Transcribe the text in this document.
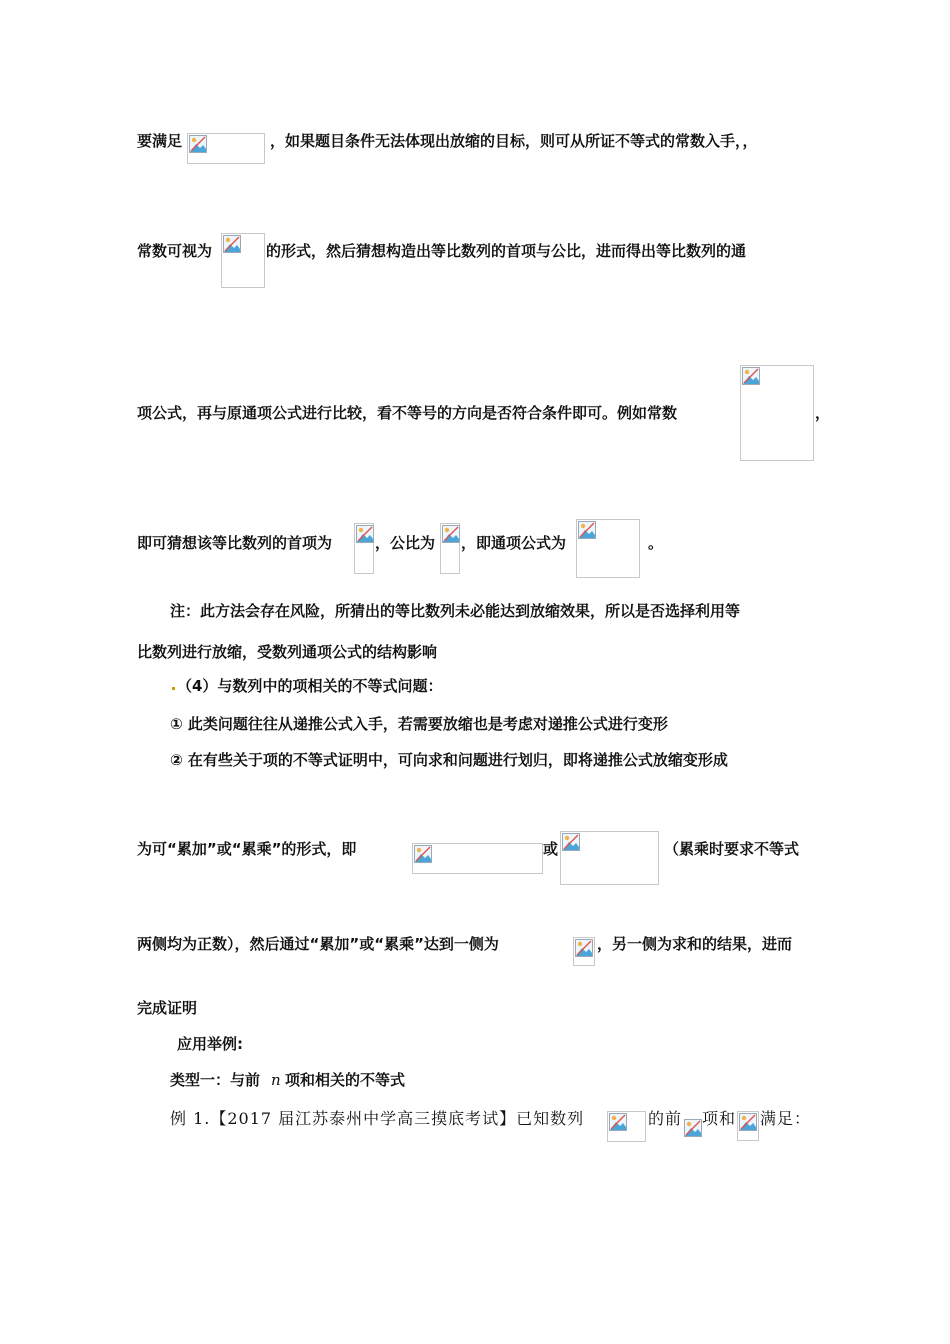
要满足	，如果题目条件无法体现出放缩的目标，则可从所证不等式的常数入手，，
常数可视为	的形式，然后猜想构造出等比数列的首项与公比，进而得出等比数列的通
项公式，再与原通项公式进行比较，看不等号的方向是否符合条件即可。例如常数	，
即可猜想该等比数列的首项为	，公比为 ，即通项公式为	。
注：此方法会存在风险，所猜出的等比数列未必能达到放缩效果，所以是否选择利用等
比数列进行放缩，受数列通项公式的结构影响
（4）与数列中的项相关的不等式问题：
① 此类问题往往从递推公式入手，若需要放缩也是考虑对递推公式进行变形
② 在有些关于项的不等式证明中，可向求和问题进行划归，即将递推公式放缩变形成
为可“累加”或“累乘”的形式，即	或	（累乘时要求不等式
两侧均为正数），然后通过“累加”或“累乘”达到一侧为	，另一侧为求和的结果，进而
完成证明
应用举例:
类型一：与前 n 项和相关的不等式
例 1.【2017 届江苏泰州中学高三摸底考试】已知数列	的前 项和 满足：
